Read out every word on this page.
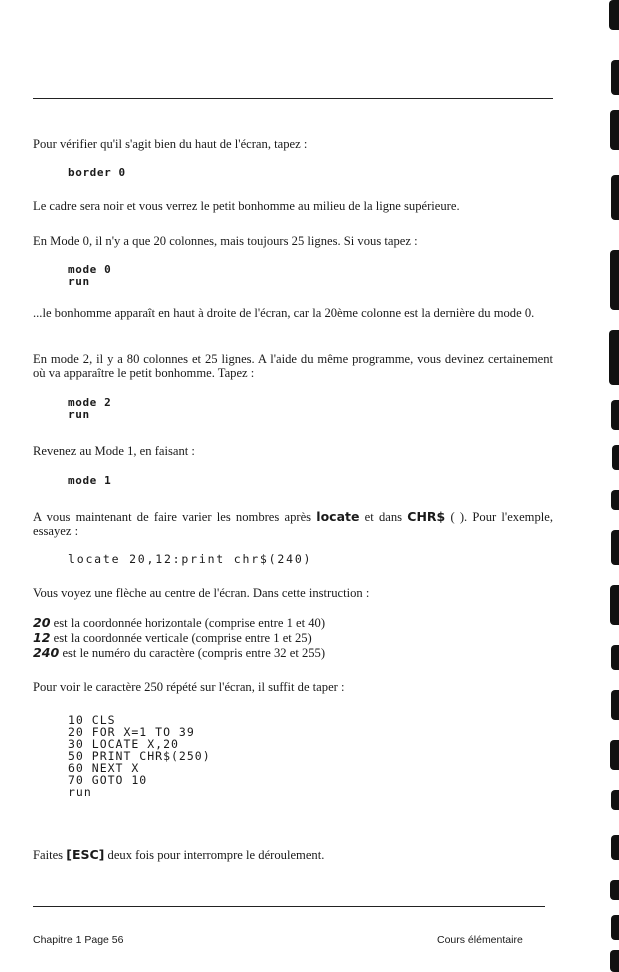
Pour vérifier qu'il s'agit bien du haut de l'écran, tapez :
border 0
Le cadre sera noir et vous verrez le petit bonhomme au milieu de la ligne supérieure.
En Mode 0, il n'y a que 20 colonnes, mais toujours 25 lignes. Si vous tapez :
mode 0
run
...le bonhomme apparaît en haut à droite de l'écran, car la 20ème colonne est la dernière du mode 0.
En mode 2, il y a 80 colonnes et 25 lignes. A l'aide du même programme, vous devinez certainement où va apparaître le petit bonhomme. Tapez :
mode 2
run
Revenez au Mode 1, en faisant :
mode 1
A vous maintenant de faire varier les nombres après locate et dans CHR$ ( ). Pour l'exemple, essayez :
locate 20,12:print chr$(240)
Vous voyez une flèche au centre de l'écran. Dans cette instruction :
20 est la coordonnée horizontale (comprise entre 1 et 40)
12 est la coordonnée verticale (comprise entre 1 et 25)
240 est le numéro du caractère (compris entre 32 et 255)
Pour voir le caractère 250 répété sur l'écran, il suffit de taper :
10 CLS
20 FOR X=1 TO 39
30 LOCATE X,20
50 PRINT CHR$(250)
60 NEXT X
70 GOTO 10
run
Faites [ESC] deux fois pour interrompre le déroulement.
Chapitre 1 Page 56	Cours élémentaire
